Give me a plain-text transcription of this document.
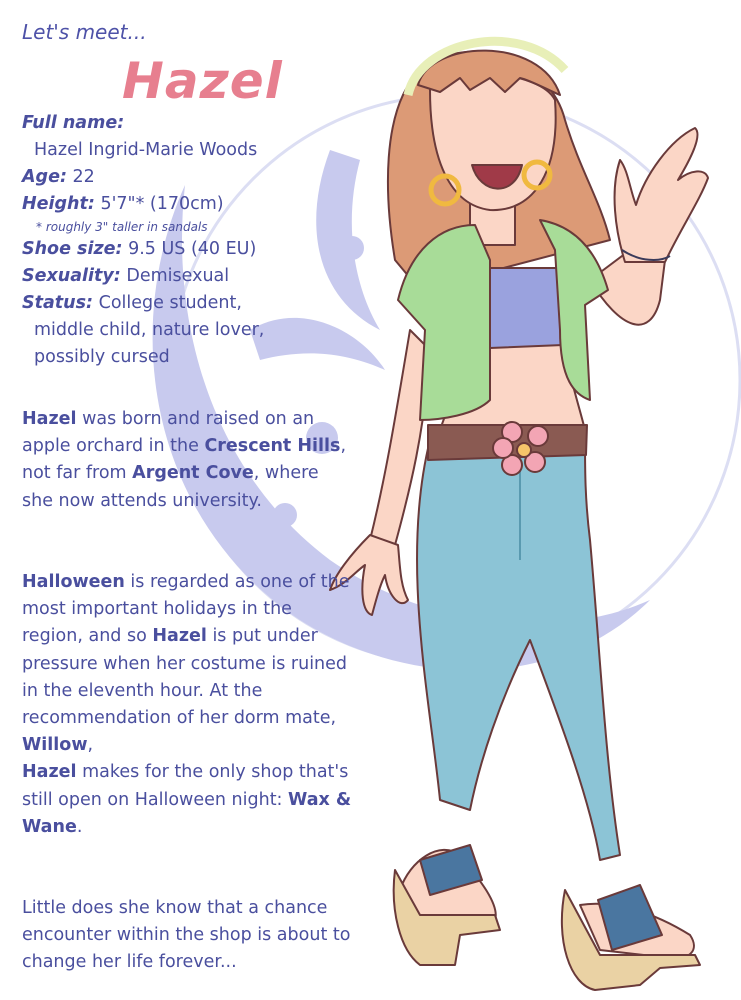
Let's meet...

Hazel

Full name:
Hazel Ingrid-Marie Woods
Age: 22
Height: 5'7"* (170cm)
* roughly 3" taller in sandals
Shoe size: 9.5 US (40 EU)
Sexuality: Demisexual
Status: College student,
middle child, nature lover,
possibly cursed

Hazel was born and raised on an apple orchard in the Crescent Hills, not far from Argent Cove, where she now attends university.

Halloween is regarded as one of the most important holidays in the region, and so Hazel is put under pressure when her costume is ruined in the eleventh hour. At the recommendation of her dorm mate, Willow,
Hazel makes for the only shop that's still open on Halloween night: Wax & Wane.

Little does she know that a chance encounter within the shop is about to change her life forever...
